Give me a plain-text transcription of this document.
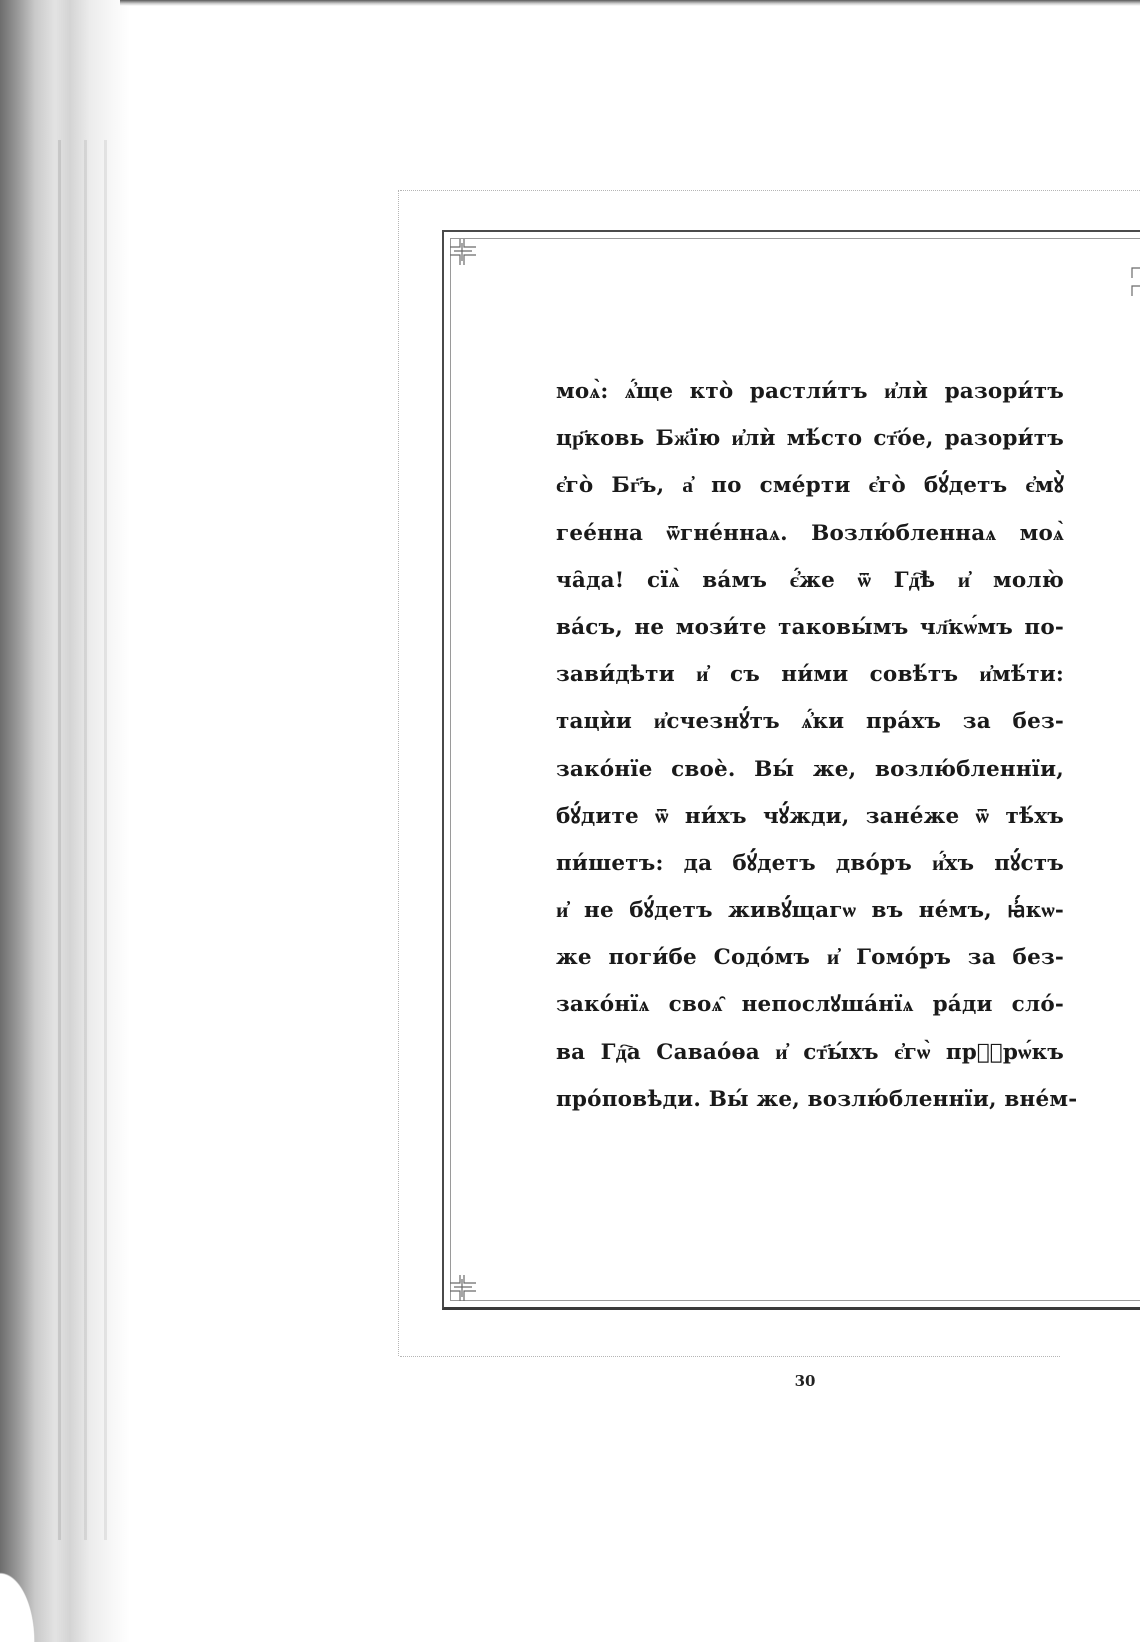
моѧ̀: ѧ҆́ще кто̀ растли́тъ и҆лѝ разори́тъ
цр҃ковь Бж҃їю и҆лѝ мѣ́сто ст҃о́е, разори́тъ
є҆го̀ Бг҃ъ, а҆ по сме́рти є҆го̀ бꙋ́детъ є҆мꙋ̀
гее́нна ѿгне́ннаѧ. Возлю́бленнаѧ моѧ̀
ча̑да! сїѧ̀ ва́мъ є҆́же ѿ Гд҇ѣ и҆ молю̀
ва́съ, не мози́те таковы́мъ чл҃кѡ́мъ по-
зави́дѣти и҆ съ ни́ми совѣ́тъ и҆мѣ́ти:
тацѝи и҆счезнꙋ́тъ ѧ҆́ки пра́хъ за без-
зако́нїе своѐ. Вы́ же, возлю́бленнїи,
бꙋ́дите ѿ ни́хъ чꙋ́жди, зане́же ѿ тѣ́хъ
пи́шетъ: да бꙋ́детъ дво́ръ и҆́хъ пꙋ́стъ
и҆ не бꙋ́детъ живꙋ́щагѡ въ не́мъ, ꙗ҆́кѡ-
же поги́бе Содо́мъ и҆ Гомо́ръ за без-
зако́нїѧ своѧ̑ непослꙋша́нїѧ ра́ди сло́-
ва Гд҇а Савао́ѳа и҆ ст҃ы́хъ є҆гѡ̀ прⷪ҇рѡ́къ
про́повѣди. Вы́ же, возлю́бленнїи, вне́м-
30
